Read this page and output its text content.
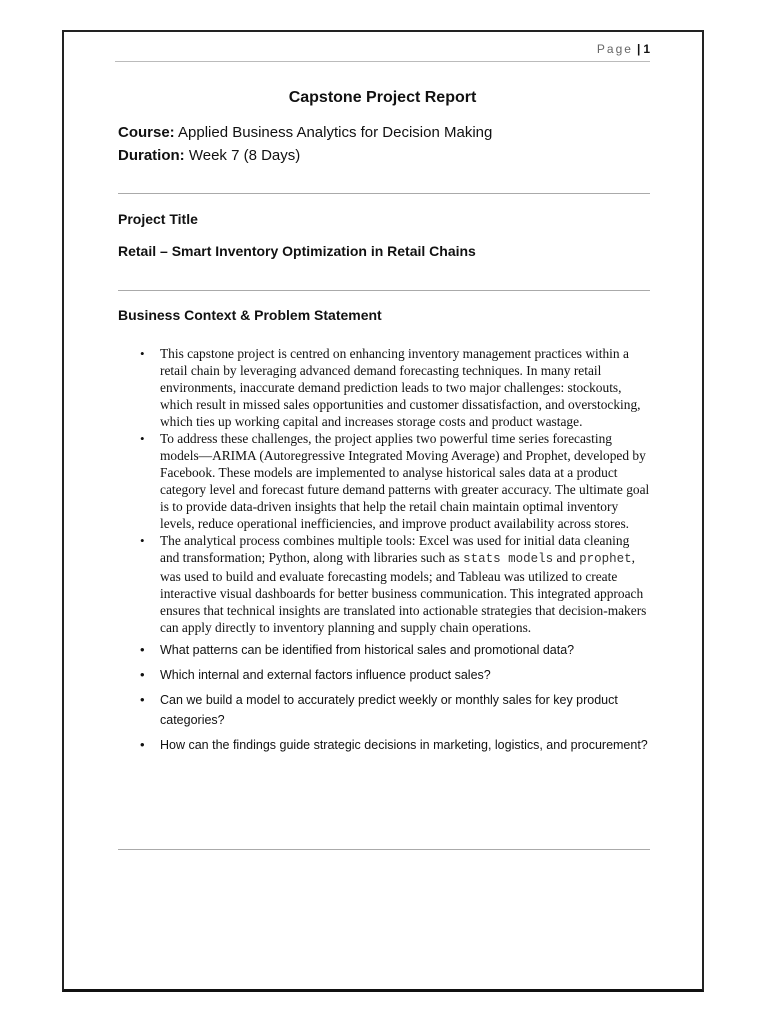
Page | 1
Capstone Project Report
Course: Applied Business Analytics for Decision Making
Duration: Week 7 (8 Days)
Project Title
Retail – Smart Inventory Optimization in Retail Chains
Business Context & Problem Statement
• This capstone project is centred on enhancing inventory management practices within a retail chain by leveraging advanced demand forecasting techniques. In many retail environments, inaccurate demand prediction leads to two major challenges: stockouts, which result in missed sales opportunities and customer dissatisfaction, and overstocking, which ties up working capital and increases storage costs and product wastage.
• To address these challenges, the project applies two powerful time series forecasting models—ARIMA (Autoregressive Integrated Moving Average) and Prophet, developed by Facebook. These models are implemented to analyse historical sales data at a product category level and forecast future demand patterns with greater accuracy. The ultimate goal is to provide data-driven insights that help the retail chain maintain optimal inventory levels, reduce operational inefficiencies, and improve product availability across stores.
• The analytical process combines multiple tools: Excel was used for initial data cleaning and transformation; Python, along with libraries such as stats models and prophet, was used to build and evaluate forecasting models; and Tableau was utilized to create interactive visual dashboards for better business communication. This integrated approach ensures that technical insights are translated into actionable strategies that decision-makers can apply directly to inventory planning and supply chain operations.
• What patterns can be identified from historical sales and promotional data?
• Which internal and external factors influence product sales?
• Can we build a model to accurately predict weekly or monthly sales for key product categories?
• How can the findings guide strategic decisions in marketing, logistics, and procurement?
